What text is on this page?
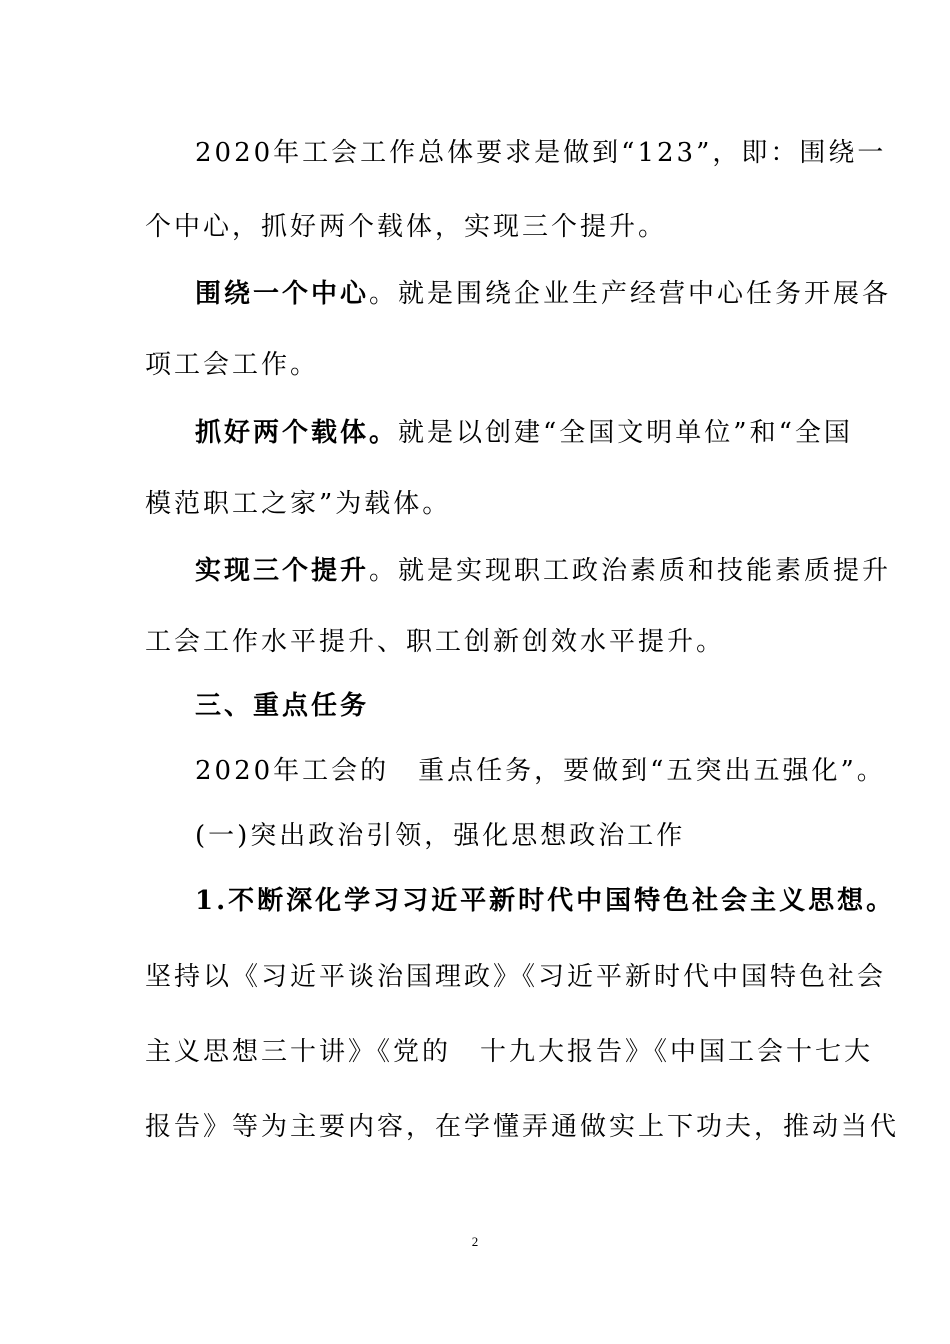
2020年工会工作总体要求是做到“123”，即：围绕一
个中心，抓好两个载体，实现三个提升。
围绕一个中心。就是围绕企业生产经营中心任务开展各
项工会工作。
抓好两个载体。就是以创建“全国文明单位”和“全国
模范职工之家”为载体。
实现三个提升。就是实现职工政治素质和技能素质提升
工会工作水平提升、职工创新创效水平提升。
三、重点任务
2020年工会的　重点任务，要做到“五突出五强化”。
(一)突出政治引领，强化思想政治工作
1.不断深化学习习近平新时代中国特色社会主义思想。
坚持以《习近平谈治国理政》《习近平新时代中国特色社会
主义思想三十讲》《党的　十九大报告》《中国工会十七大
报告》等为主要内容，在学懂弄通做实上下功夫，推动当代
2
